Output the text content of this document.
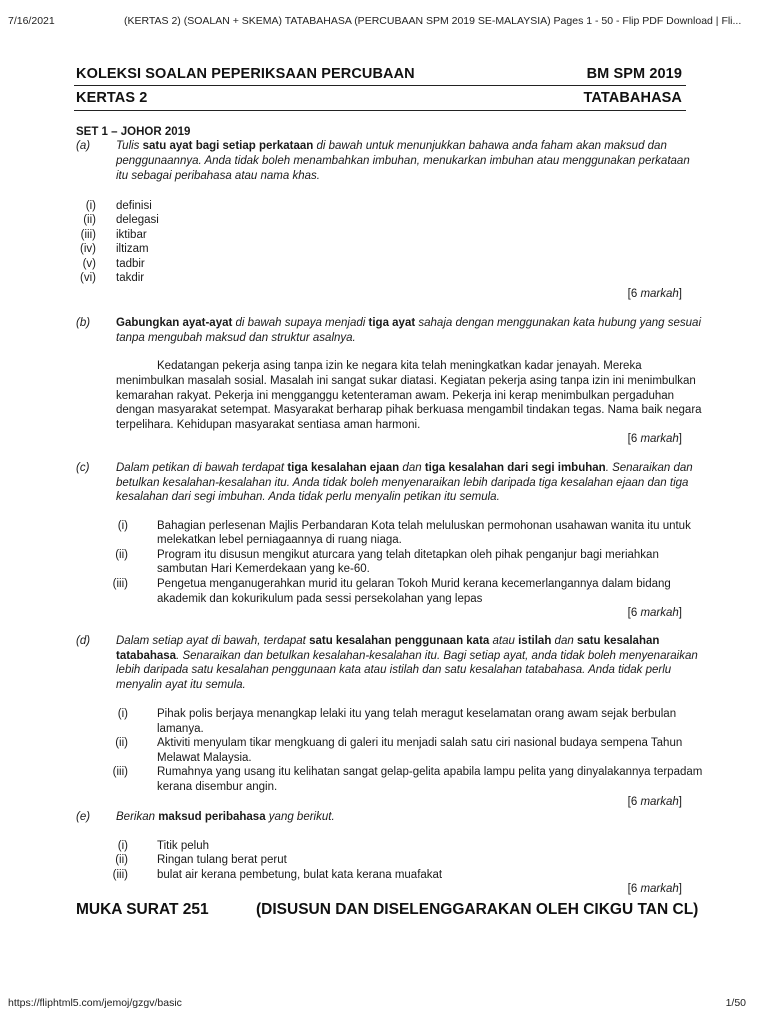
7/16/2021	(KERTAS 2) (SOALAN + SKEMA) TATABAHASA (PERCUBAAN SPM 2019 SE-MALAYSIA) Pages 1 - 50 - Flip PDF Download | Fli...
KOLEKSI SOALAN PEPERIKSAAN PERCUBAAN	BM SPM 2019
KERTAS 2	TATABAHASA
SET 1 – JOHOR 2019
(a) Tulis satu ayat bagi setiap perkataan di bawah untuk menunjukkan bahawa anda faham akan maksud dan
penggunaannya. Anda tidak boleh menambahkan imbuhan, menukarkan imbuhan atau menggunakan perkataan
itu sebagai peribahasa atau nama khas.
(i) definisi
(ii) delegasi
(iii) iktibar
(iv) iltizam
(v) tadbir
(vi) takdir
[6 markah]
(b) Gabungkan ayat-ayat di bawah supaya menjadi tiga ayat sahaja dengan menggunakan kata hubung yang sesuai
tanpa mengubah maksud dan struktur asalnya.
Kedatangan pekerja asing tanpa izin ke negara kita telah meningkatkan kadar jenayah. Mereka
menimbulkan masalah sosial. Masalah ini sangat sukar diatasi. Kegiatan pekerja asing tanpa izin ini menimbulkan
kemarahan rakyat. Pekerja ini mengganggu ketenteraman awam. Pekerja ini kerap menimbulkan pergaduhan
dengan masyarakat setempat. Masyarakat berharap pihak berkuasa mengambil tindakan tegas. Nama baik negara
terpelihara. Kehidupan masyarakat sentiasa aman harmoni.
[6 markah]
(c) Dalam petikan di bawah terdapat tiga kesalahan ejaan dan tiga kesalahan dari segi imbuhan. Senaraikan dan
betulkan kesalahan-kesalahan itu. Anda tidak boleh menyenaraikan lebih daripada tiga kesalahan ejaan dan tiga
kesalahan dari segi imbuhan. Anda tidak perlu menyalin petikan itu semula.
(i)	Bahagian perlesenan Majlis Perbandaran Kota telah meluluskan permohonan usahawan wanita itu untuk
melekatkan lebel perniagaannya di ruang niaga.
(ii)	Program itu disusun mengikut aturcara yang telah ditetapkan oleh pihak penganjur bagi meriahkan
sambutan Hari Kemerdekaan yang ke-60.
(iii)	Pengetua menganugerahkan murid itu gelaran Tokoh Murid kerana kecemerlangannya dalam bidang
akademik dan kokurikulum pada sessi persekolahan yang lepas
[6 markah]
(d) Dalam setiap ayat di bawah, terdapat satu kesalahan penggunaan kata atau istilah dan satu kesalahan
tatabahasa. Senaraikan dan betulkan kesalahan-kesalahan itu. Bagi setiap ayat, anda tidak boleh menyenaraikan
lebih daripada satu kesalahan penggunaan kata atau istilah dan satu kesalahan tatabahasa. Anda tidak perlu
menyalin ayat itu semula.
(i)	Pihak polis berjaya menangkap lelaki itu yang telah meragut keselamatan orang awam sejak berbulan
lamanya.
(ii)	Aktiviti menyulam tikar mengkuang di galeri itu menjadi salah satu ciri nasional budaya sempena Tahun
Melawat Malaysia.
(iii)	Rumahnya yang usang itu kelihatan sangat gelap-gelita apabila lampu pelita yang dinyalakannya terpadam
kerana disembur angin.
[6 markah]
(e) Berikan maksud peribahasa yang berikut.
(i)	Titik peluh
(ii)	Ringan tulang berat perut
(iii)	bulat air kerana pembetung, bulat kata kerana muafakat
[6 markah]
MUKA SURAT 251	(DISUSUN DAN DISELENGGARAKAN OLEH CIKGU TAN CL)
https://fliphtml5.com/jemoj/gzgv/basic	1/50
